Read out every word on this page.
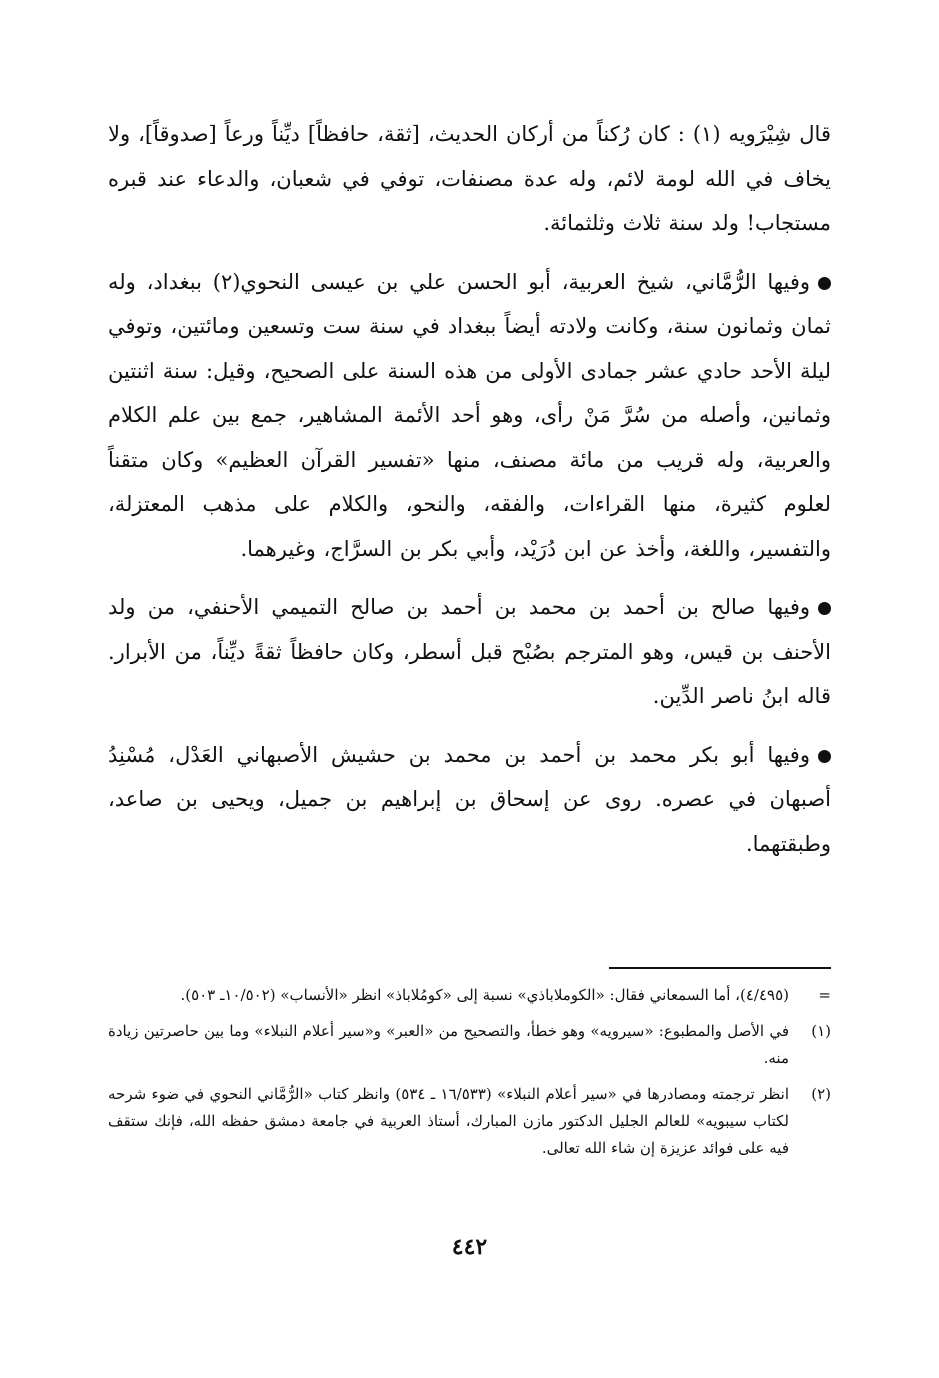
قال شِيْرَويه (١) : كان رُكناً من أركان الحديث، [ثقة، حافظاً] ديِّناً ورعاً [صدوقاً]، ولا يخاف في الله لومة لائم، وله عدة مصنفات، توفي في شعبان، والدعاء عند قبره مستجاب! ولد سنة ثلاث وثلثمائة.

وفيها الرُّمَّاني، شيخ العربية، أبو الحسن علي بن عيسى النحوي(٢) ببغداد، وله ثمان وثمانون سنة، وكانت ولادته أيضاً ببغداد في سنة ست وتسعين ومائتين، وتوفي ليلة الأحد حادي عشر جمادى الأولى من هذه السنة على الصحيح، وقيل: سنة اثنتين وثمانين، وأصله من سُرَّ مَنْ رأى، وهو أحد الأئمة المشاهير، جمع بين علم الكلام والعربية، وله قريب من مائة مصنف، منها «تفسير القرآن العظيم» وكان متقناً لعلوم كثيرة، منها القراءات، والفقه، والنحو، والكلام على مذهب المعتزلة، والتفسير، واللغة، وأخذ عن ابن دُرَيْد، وأبي بكر بن السرَّاج، وغيرهما.

وفيها صالح بن أحمد بن محمد بن أحمد بن صالح التميمي الأحنفي، من ولد الأحنف بن قيس، وهو المترجم بصُبْح قبل أسطر، وكان حافظاً ثقةً ديِّناً، من الأبرار. قاله ابنُ ناصر الدِّين.

وفيها أبو بكر محمد بن أحمد بن محمد بن حشيش الأصبهاني العَدْل، مُسْنِدُ أصبهان في عصره. روى عن إسحاق بن إبراهيم بن جميل، ويحيى بن صاعد، وطبقتهما.

=
(٤/٤٩٥)، أما السمعاني فقال: «الكوملاباذي» نسبة إلى «كومُلاباذ» انظر «الأنساب» (١٠/٥٠٢ـ ٥٠٣).
(١)
في الأصل والمطبوع: «سيرويه» وهو خطأ، والتصحيح من «العبر» و«سير أعلام النبلاء» وما بين حاصرتين زيادة منه.
(٢)
انظر ترجمته ومصادرها في «سير أعلام النبلاء» (١٦/٥٣٣ ـ ٥٣٤) وانظر كتاب «الرُّمَّاني النحوي في ضوء شرحه لكتاب سيبويه» للعالم الجليل الدكتور مازن المبارك، أستاذ العربية في جامعة دمشق حفظه الله، فإنك ستقف فيه على فوائد عزيزة إن شاء الله تعالى.
٤٤٢
